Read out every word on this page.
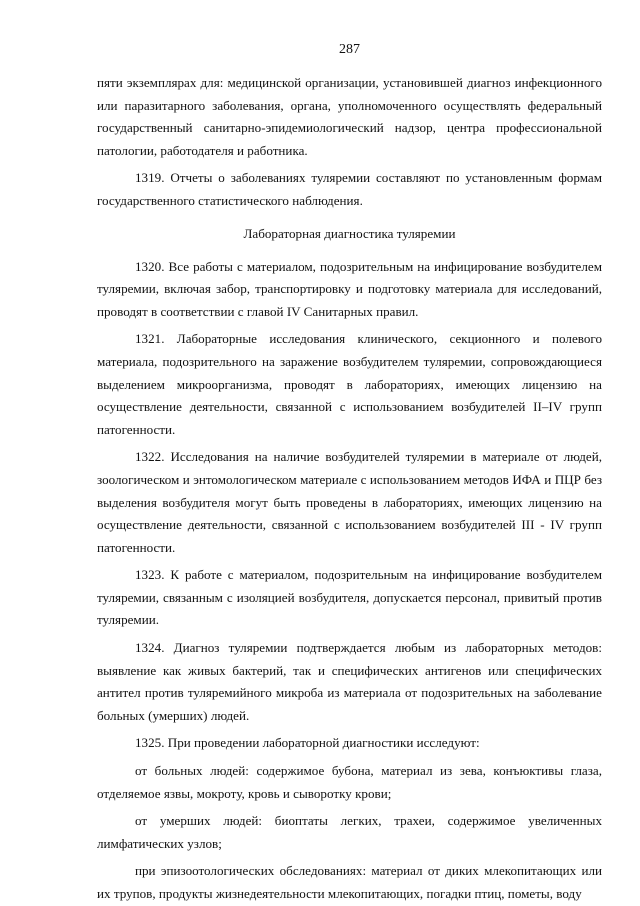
287

пяти экземплярах для: медицинской организации, установившей диагноз инфекционного или паразитарного заболевания, органа, уполномоченного осуществлять федеральный государственный санитарно-эпидемиологический надзор, центра профессиональной патологии, работодателя и работника.

1319. Отчеты о заболеваниях туляремии составляют по установленным формам государственного статистического наблюдения.

Лабораторная диагностика туляремии

1320. Все работы с материалом, подозрительным на инфицирование возбудителем туляремии, включая забор, транспортировку и подготовку материала для исследований, проводят в соответствии с главой IV Санитарных правил.

1321. Лабораторные исследования клинического, секционного и полевого материала, подозрительного на заражение возбудителем туляремии, сопровождающиеся выделением микроорганизма, проводят в лабораториях, имеющих лицензию на осуществление деятельности, связанной с использованием возбудителей II–IV групп патогенности.

1322. Исследования на наличие возбудителей туляремии в материале от людей, зоологическом и энтомологическом материале с использованием методов ИФА и ПЦР без выделения возбудителя могут быть проведены в лабораториях, имеющих лицензию на осуществление деятельности, связанной с использованием возбудителей III - IV групп патогенности.

1323. К работе с материалом, подозрительным на инфицирование возбудителем туляремии, связанным с изоляцией возбудителя, допускается персонал, привитый против туляремии.

1324. Диагноз туляремии подтверждается любым из лабораторных методов: выявление как живых бактерий, так и специфических антигенов или специфических антител против туляремийного микроба из материала от подозрительных на заболевание больных (умерших) людей.

1325. При проведении лабораторной диагностики исследуют:

от больных людей: содержимое бубона, материал из зева, конъюктивы глаза, отделяемое язвы, мокроту, кровь и сыворотку крови;

от умерших людей: биоптаты легких, трахеи, содержимое увеличенных лимфатических узлов;

при эпизоотологических обследованиях: материал от диких млекопитающих или их трупов, продукты жизнедеятельности млекопитающих, погадки птиц, пометы, воду
